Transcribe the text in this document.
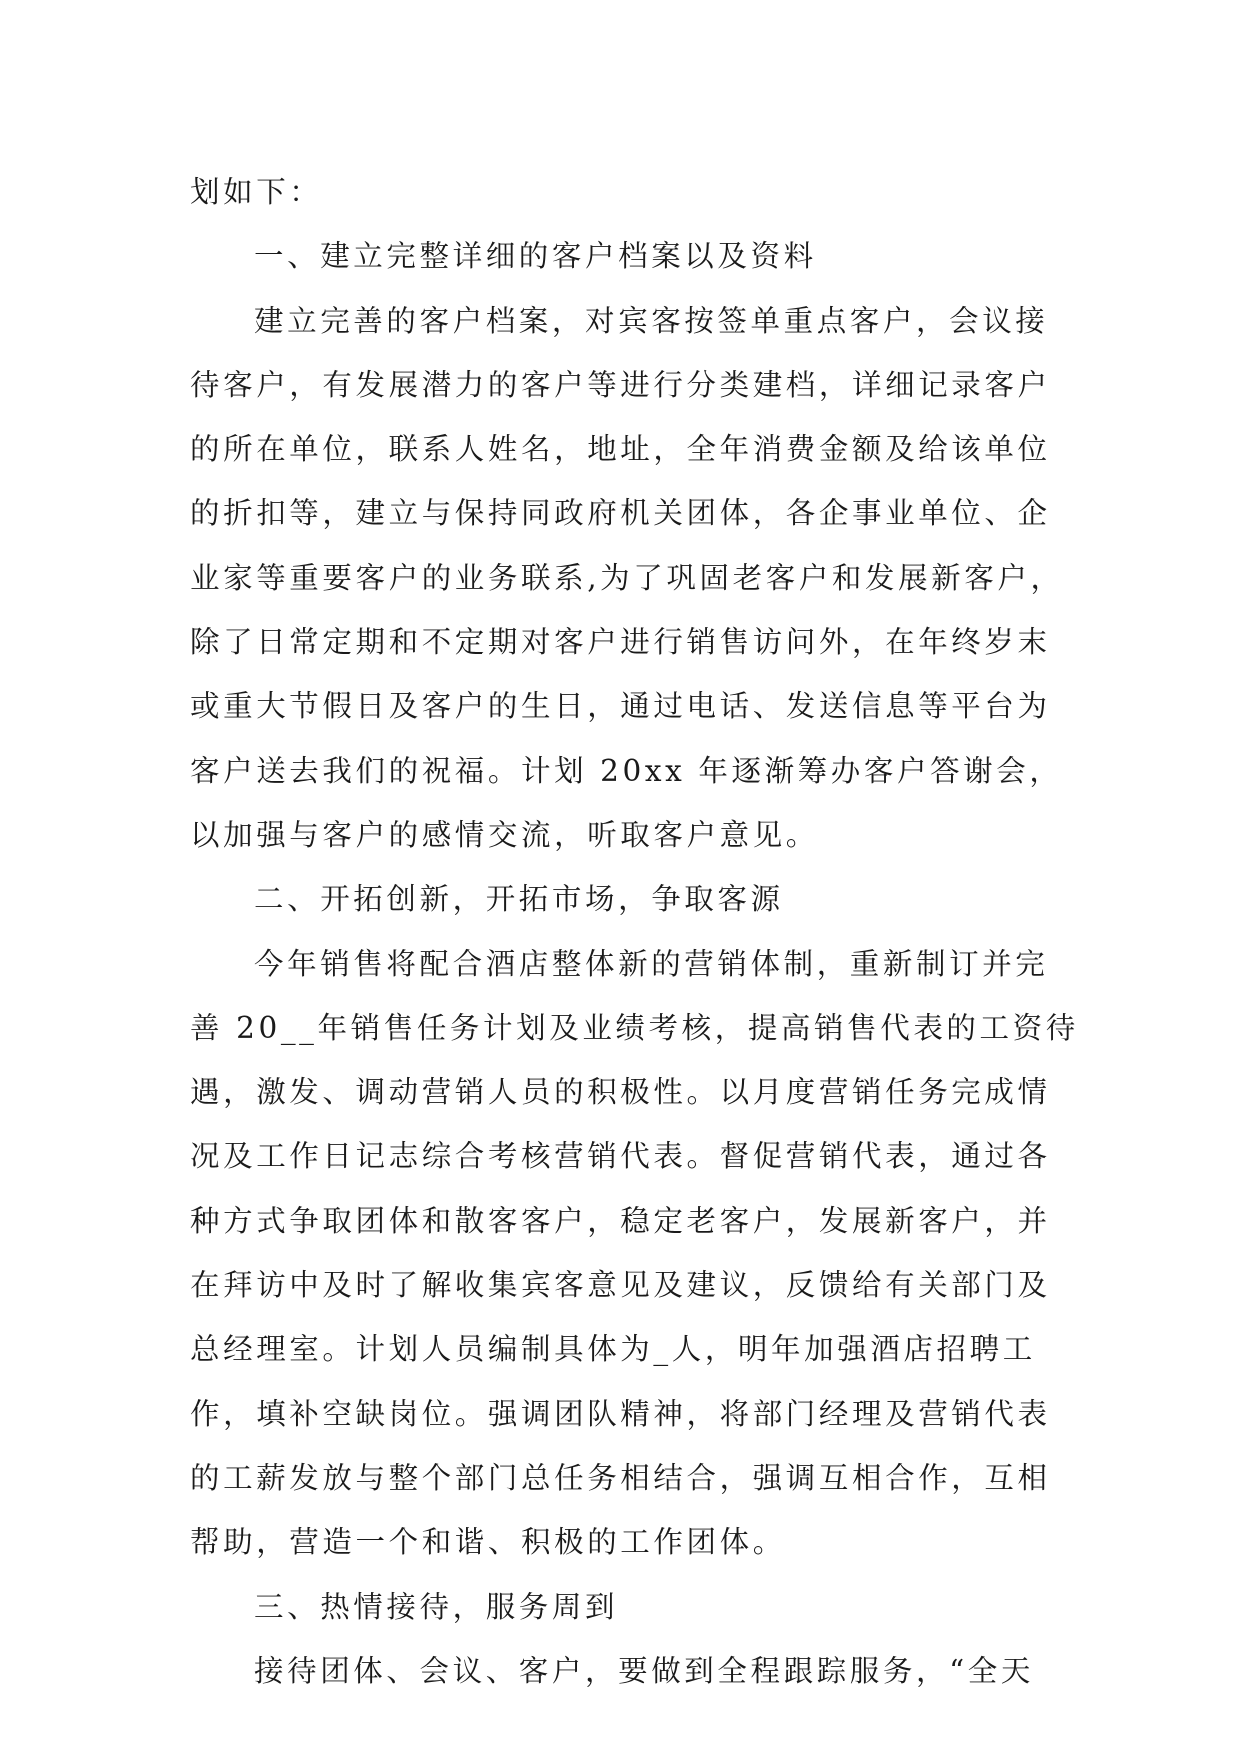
划如下：
一、建立完整详细的客户档案以及资料
建立完善的客户档案，对宾客按签单重点客户，会议接
待客户，有发展潜力的客户等进行分类建档，详细记录客户
的所在单位，联系人姓名，地址，全年消费金额及给该单位
的折扣等，建立与保持同政府机关团体，各企事业单位、企
业家等重要客户的业务联系,为了巩固老客户和发展新客户，
除了日常定期和不定期对客户进行销售访问外，在年终岁末
或重大节假日及客户的生日，通过电话、发送信息等平台为
客户送去我们的祝福。计划 20xx 年逐渐筹办客户答谢会，
以加强与客户的感情交流，听取客户意见。
二、开拓创新，开拓市场，争取客源
今年销售将配合酒店整体新的营销体制，重新制订并完
善 20__年销售任务计划及业绩考核，提高销售代表的工资待
遇，激发、调动营销人员的积极性。以月度营销任务完成情
况及工作日记志综合考核营销代表。督促营销代表，通过各
种方式争取团体和散客客户，稳定老客户，发展新客户，并
在拜访中及时了解收集宾客意见及建议，反馈给有关部门及
总经理室。计划人员编制具体为_人，明年加强酒店招聘工
作，填补空缺岗位。强调团队精神，将部门经理及营销代表
的工薪发放与整个部门总任务相结合，强调互相合作，互相
帮助，营造一个和谐、积极的工作团体。
三、热情接待，服务周到
接待团体、会议、客户，要做到全程跟踪服务，“全天
